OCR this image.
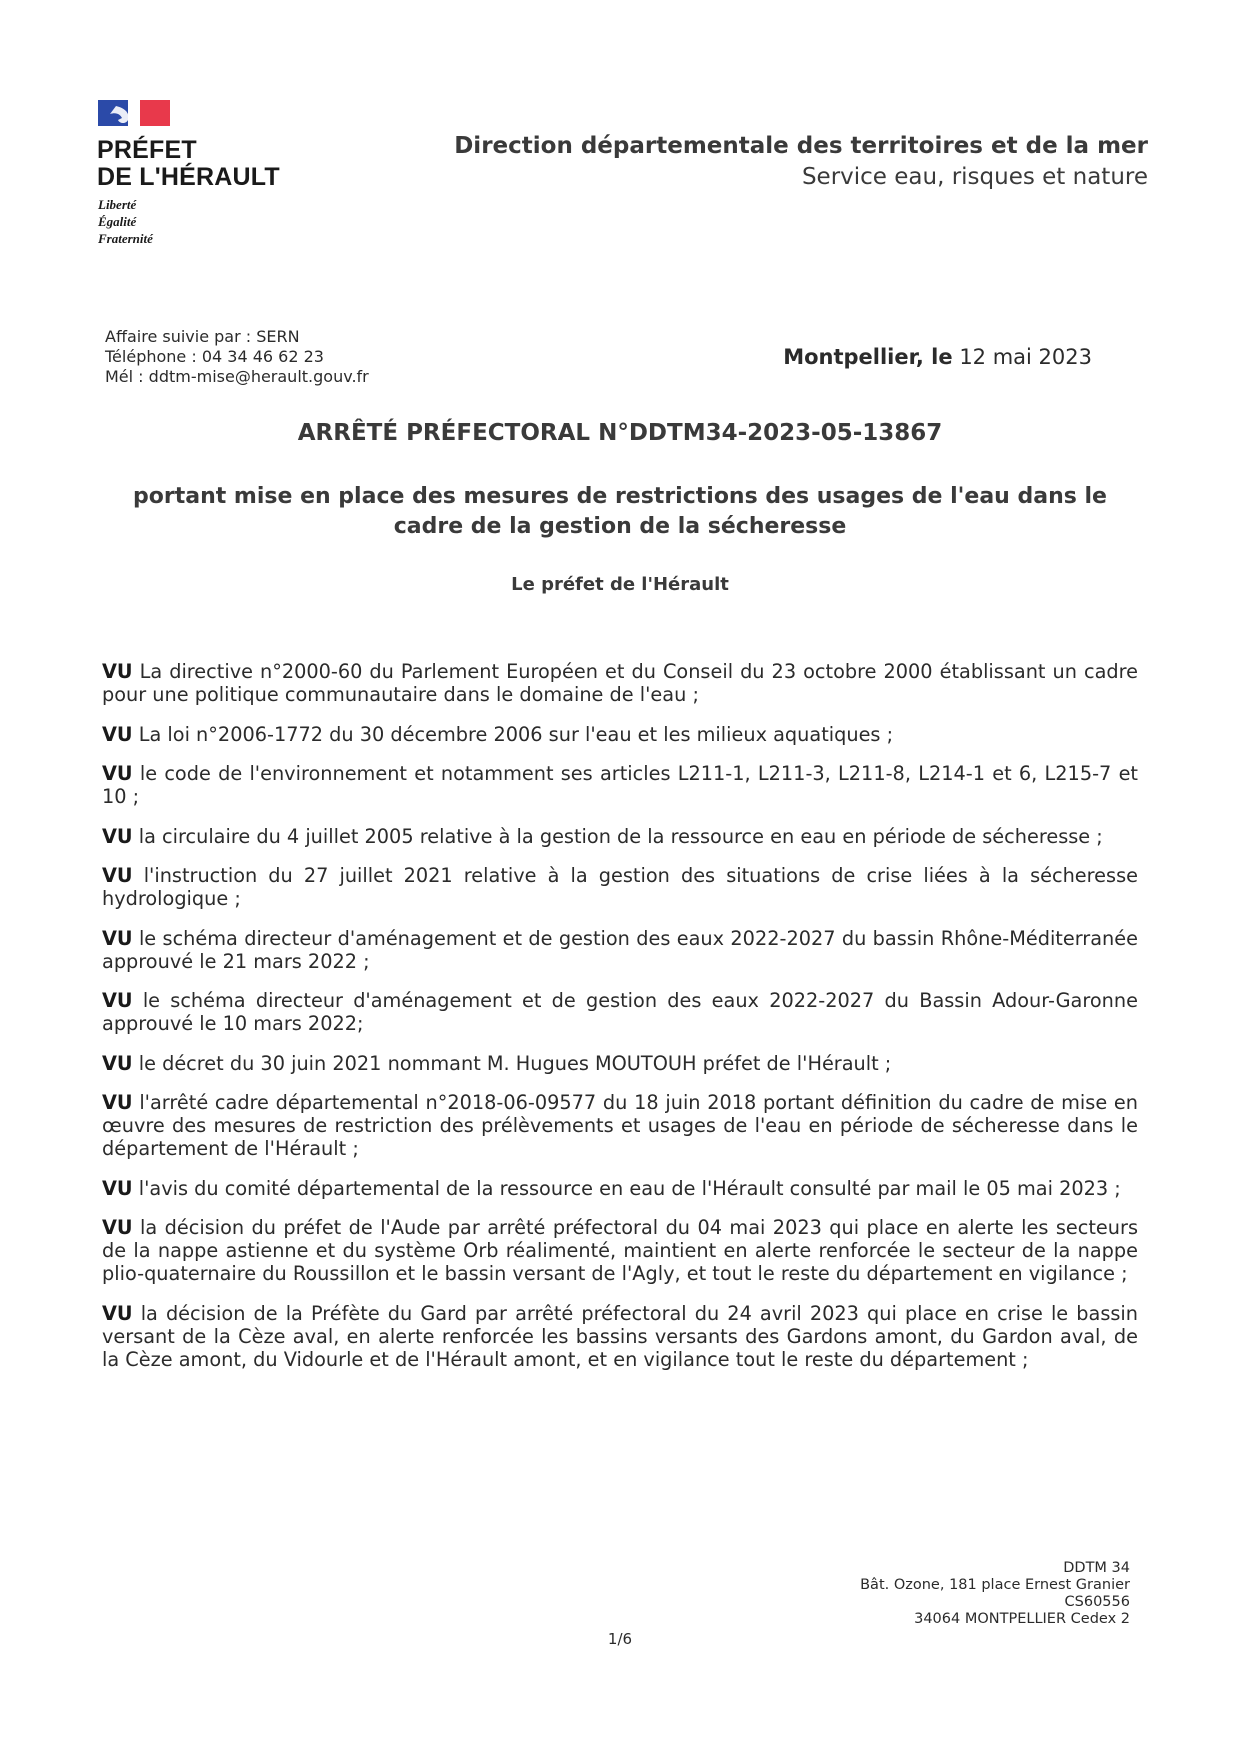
PRÉFET
DE L'HÉRAULT
Liberté
Égalité
Fraternité
Direction départementale des territoires et de la mer
Service eau, risques et nature
Affaire suivie par : SERN
Téléphone : 04 34 46 62 23
Mél : ddtm-mise@herault.gouv.fr
Montpellier, le 12 mai 2023
ARRÊTÉ PRÉFECTORAL N°DDTM34-2023-05-13867
portant mise en place des mesures de restrictions des usages de l'eau dans le cadre de la gestion de la sécheresse
Le préfet de l'Hérault

VU La directive n°2000-60 du Parlement Européen et du Conseil du 23 octobre 2000 établissant un cadre pour une politique communautaire dans le domaine de l'eau ;

VU La loi n°2006-1772 du 30 décembre 2006 sur l'eau et les milieux aquatiques ;

VU le code de l'environnement et notamment ses articles L211-1, L211-3, L211-8, L214-1 et 6, L215-7 et 10 ;

VU la circulaire du 4 juillet 2005 relative à la gestion de la ressource en eau en période de sécheresse ;

VU l'instruction du 27 juillet 2021 relative à la gestion des situations de crise liées à la sécheresse hydrologique ;

VU le schéma directeur d'aménagement et de gestion des eaux 2022-2027 du bassin Rhône-Méditerranée approuvé le 21 mars 2022 ;

VU le schéma directeur d'aménagement et de gestion des eaux 2022-2027 du Bassin Adour-Garonne approuvé le 10 mars 2022;

VU le décret du 30 juin 2021 nommant M. Hugues MOUTOUH préfet de l'Hérault ;

VU l'arrêté cadre départemental n°2018-06-09577 du 18 juin 2018 portant définition du cadre de mise en œuvre des mesures de restriction des prélèvements et usages de l'eau en période de sécheresse dans le département de l'Hérault ;

VU l'avis du comité départemental de la ressource en eau de l'Hérault consulté par mail le 05 mai 2023 ;

VU la décision du préfet de l'Aude par arrêté préfectoral du 04 mai 2023 qui place en alerte les secteurs de la nappe astienne et du système Orb réalimenté, maintient en alerte renforcée le secteur de la nappe plio-quaternaire du Roussillon et le bassin versant de l'Agly, et tout le reste du département en vigilance ;

VU la décision de la Préfète du Gard par arrêté préfectoral du 24 avril 2023 qui place en crise le bassin versant de la Cèze aval, en alerte renforcée les bassins versants des Gardons amont, du Gardon aval, de la Cèze amont, du Vidourle et de l'Hérault amont, et en vigilance tout le reste du département ;

DDTM 34
Bât. Ozone, 181 place Ernest Granier
CS60556
34064 MONTPELLIER Cedex 2
1/6
